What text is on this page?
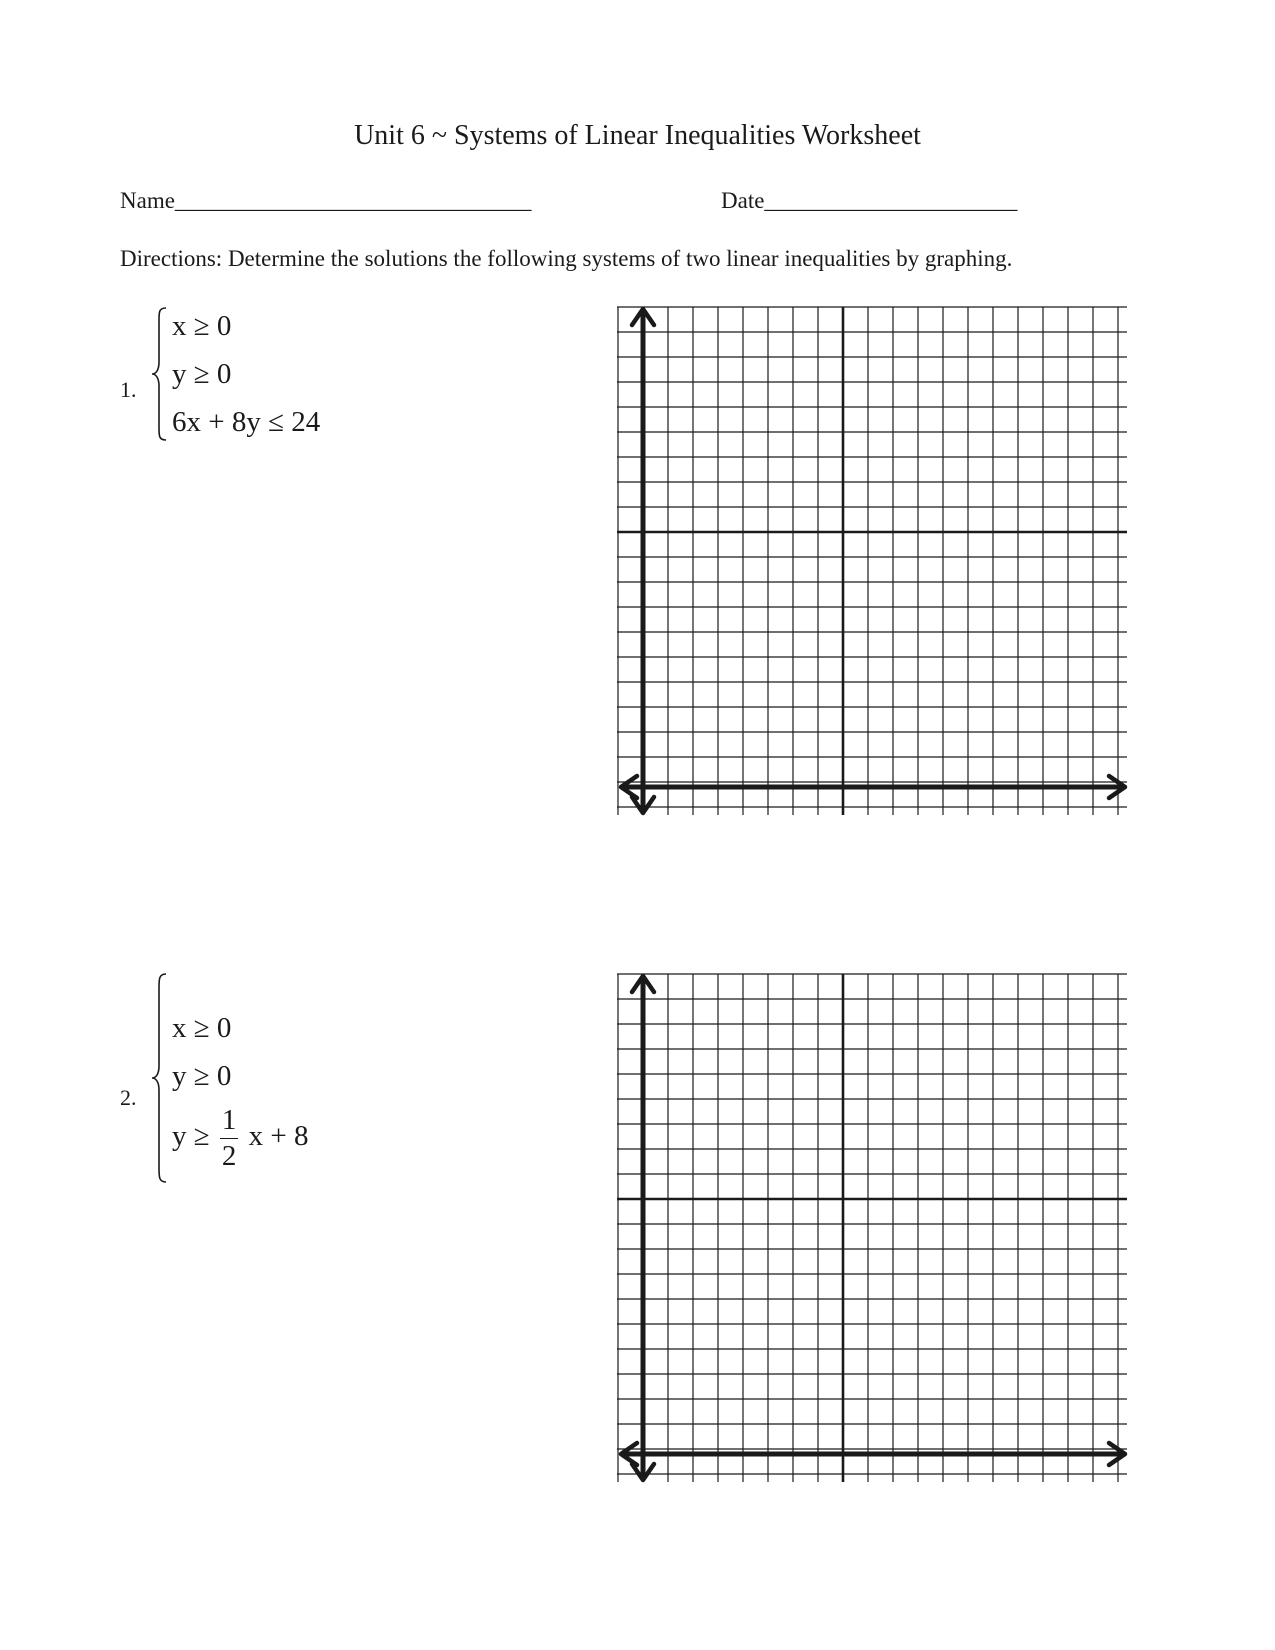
Unit 6 ~ Systems of Linear Inequalities Worksheet
Name_______________________________	Date______________________
Directions: Determine the solutions the following systems of two linear inequalities by graphing.
1.
x ≥ 0
y ≥ 0
6x + 8y ≤ 24
2.
x ≥ 0
y ≥ 0
$y \ge \frac{1}{2}$ x + 8
